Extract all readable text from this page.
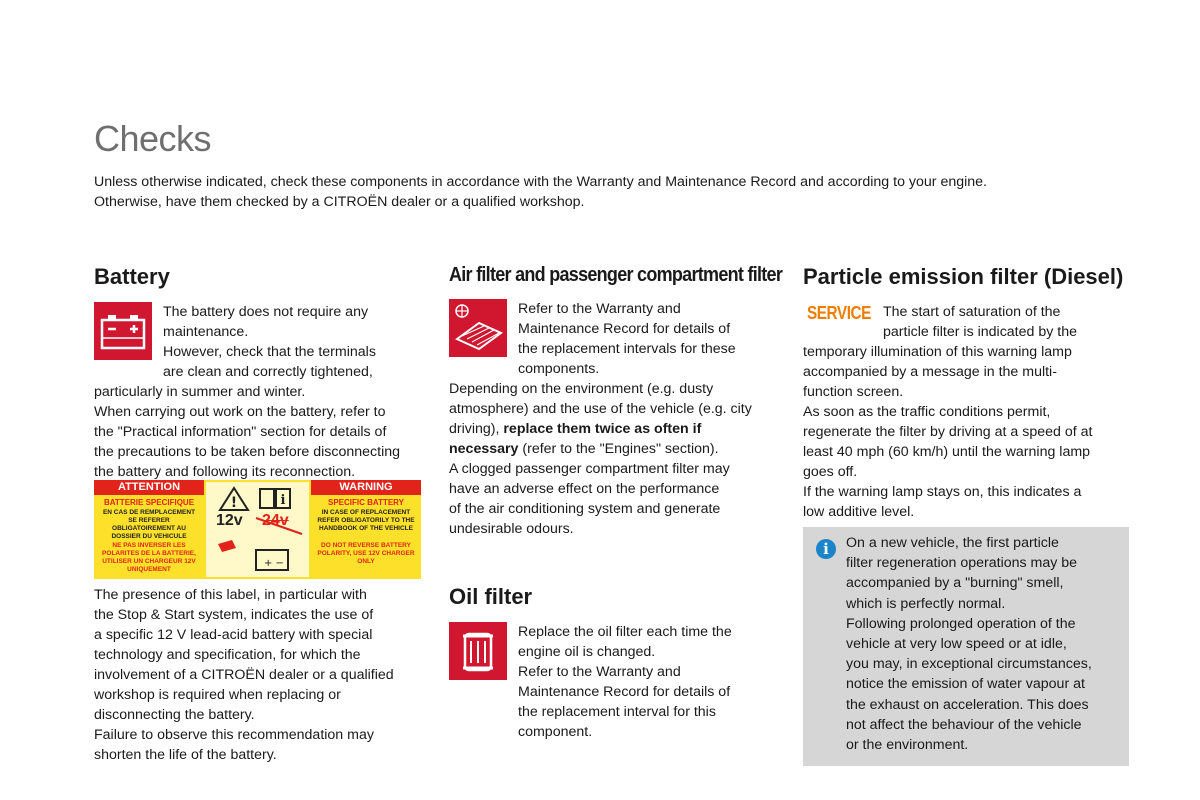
Checks
Unless otherwise indicated, check these components in accordance with the Warranty and Maintenance Record and according to your engine.
Otherwise, have them checked by a CITROËN dealer or a qualified workshop.
Battery
The battery does not require any
maintenance.
However, check that the terminals
are clean and correctly tightened,
particularly in summer and winter.
When carrying out work on the battery, refer to
the "Practical information" section for details of
the precautions to be taken before disconnecting
the battery and following its reconnection.
ATTENTION	WARNING
BATTERIE SPECIFIQUE
EN CAS DE REMPLACEMENT SE REFERER OBLIGATOIREMENT AU DOSSIER DU VEHICULE
NE PAS INVERSER LES POLARITES DE LA BATTERIE, UTILISER UN CHARGEUR 12V UNIQUEMENT
SPECIFIC BATTERY
IN CASE OF REPLACEMENT REFER OBLIGATORILY TO THE HANDBOOK OF THE VEHICLE
DO NOT REVERSE BATTERY POLARITY, USE 12V CHARGER ONLY
!	i
+ −
12v 24v
The presence of this label, in particular with
the Stop & Start system, indicates the use of
a specific 12 V lead-acid battery with special
technology and specification, for which the
involvement of a CITROËN dealer or a qualified
workshop is required when replacing or
disconnecting the battery.
Failure to observe this recommendation may
shorten the life of the battery.
Air filter and passenger compartment filter
Refer to the Warranty and
Maintenance Record for details of
the replacement intervals for these
components.
Depending on the environment (e.g. dusty atmosphere) and the use of the vehicle (e.g. city driving), replace them twice as often if necessary (refer to the "Engines" section).
A clogged passenger compartment filter may
have an adverse effect on the performance
of the air conditioning system and generate
undesirable odours.
Oil filter
Replace the oil filter each time the
engine oil is changed.
Refer to the Warranty and
Maintenance Record for details of
the replacement interval for this
component.
Particle emission filter (Diesel)
SERVICE The start of saturation of the
particle filter is indicated by the
temporary illumination of this warning lamp
accompanied by a message in the multi-
function screen.
As soon as the traffic conditions permit,
regenerate the filter by driving at a speed of at
least 40 mph (60 km/h) until the warning lamp
goes off.
If the warning lamp stays on, this indicates a
low additive level.
i	On a new vehicle, the first particle
filter regeneration operations may be
accompanied by a "burning" smell,
which is perfectly normal.
Following prolonged operation of the
vehicle at very low speed or at idle,
you may, in exceptional circumstances,
notice the emission of water vapour at
the exhaust on acceleration. This does
not affect the behaviour of the vehicle
or the environment.
